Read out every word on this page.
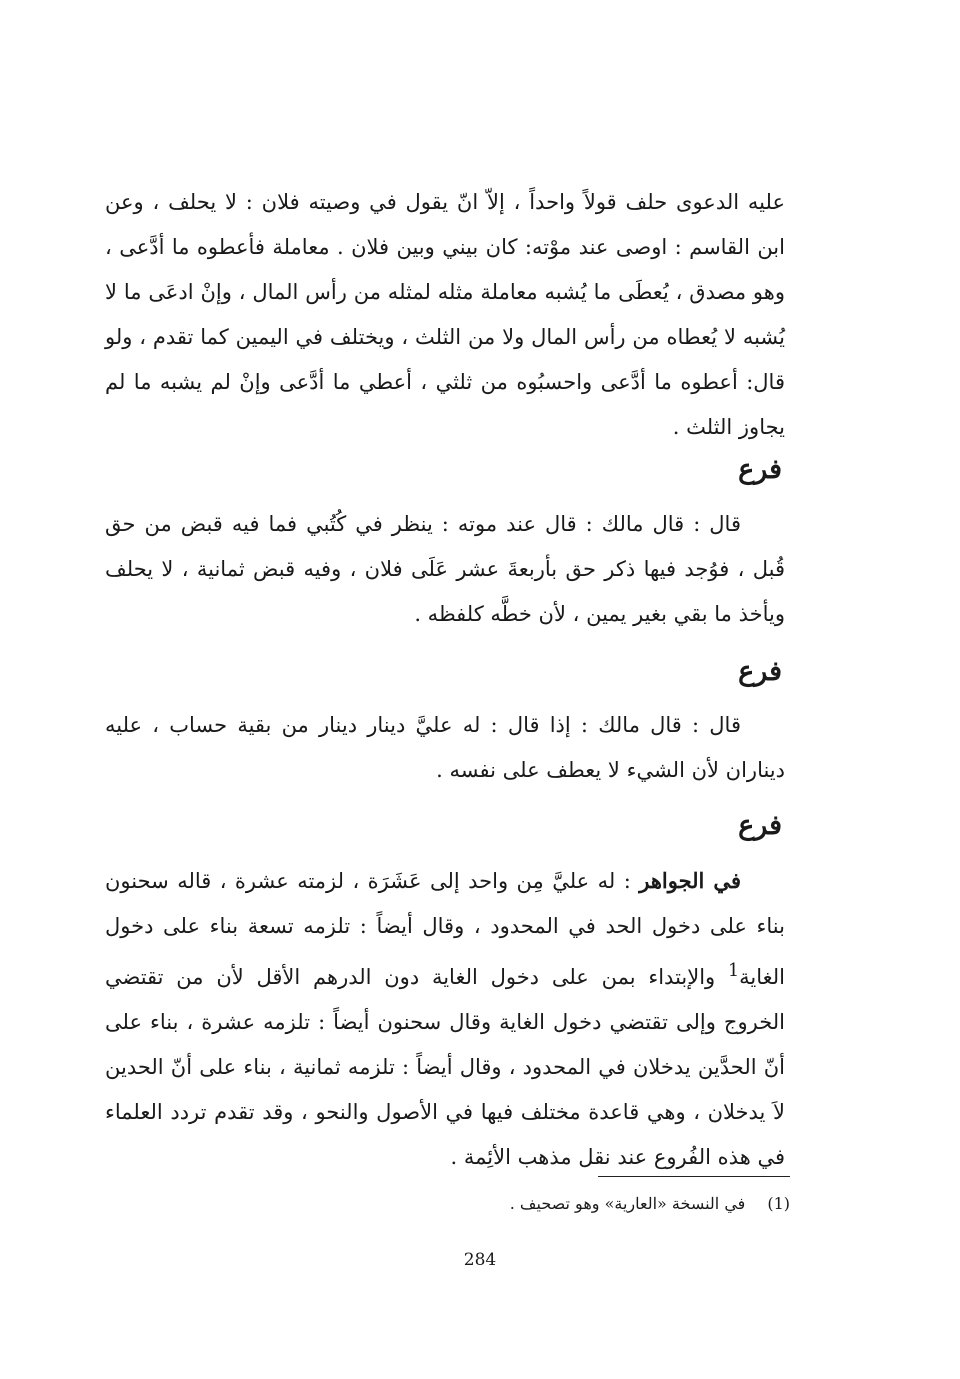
عليه الدعوى حلف قولاً واحداً ، إلاّ انّ يقول في وصيته فلان : لا يحلف ، وعن ابن القاسم : اوصى عند موْته: كان بيني وبين فلان . معاملة فأعطوه ما أدَّعى ، وهو مصدق ، يُعطَى ما يُشبه معاملة مثله لمثله من رأس المال ، وإنْ ادعَى ما لا يُشبه لا يُعطاه من رأس المال ولا من الثلث ، ويختلف في اليمين كما تقدم ، ولو قال: أعطوه ما أدَّعى واحسبُوه من ثلثي ، أعطي ما أدَّعى وإنْ لم يشبه ما لم يجاوز الثلث .

فرع

قال : قال مالك : قال عند موته : ينظر في كُتُبي فما فيه قبض من حق قُبل ، فوُجد فيها ذكر حق بأربعةَ عشر عَلَى فلان ، وفيه قبض ثمانية ، لا يحلف ويأخذ ما بقي بغير يمين ، لأن خطَّه كلفظه .

فرع

قال : قال مالك : إذا قال : له عليَّ دينار دينار من بقية حساب ، عليه ديناران لأن الشيء لا يعطف على نفسه .

فرع

في الجواهر : له عليَّ مِن واحد إلى عَشَرَة ، لزمته عشرة ، قاله سحنون بناء على دخول الحد في المحدود ، وقال أيضاً : تلزمه تسعة بناء على دخول الغاية$^1$ والإبتداء بمن على دخول الغاية دون الدرهم الأقل لأن من تقتضي الخروج وإلى تقتضي دخول الغاية وقال سحنون أيضاً : تلزمه عشرة ، بناء على أنّ الحدَّين يدخلان في المحدود ، وقال أيضاً : تلزمه ثمانية ، بناء على أنّ الحدين لاَ يدخلان ، وهي قاعدة مختلف فيها في الأصول والنحو ، وقد تقدم تردد العلماء في هذه الفُروع عند نقل مذهب الأئِمة .

(1)في النسخة «العارية» وهو تصحيف .
284
